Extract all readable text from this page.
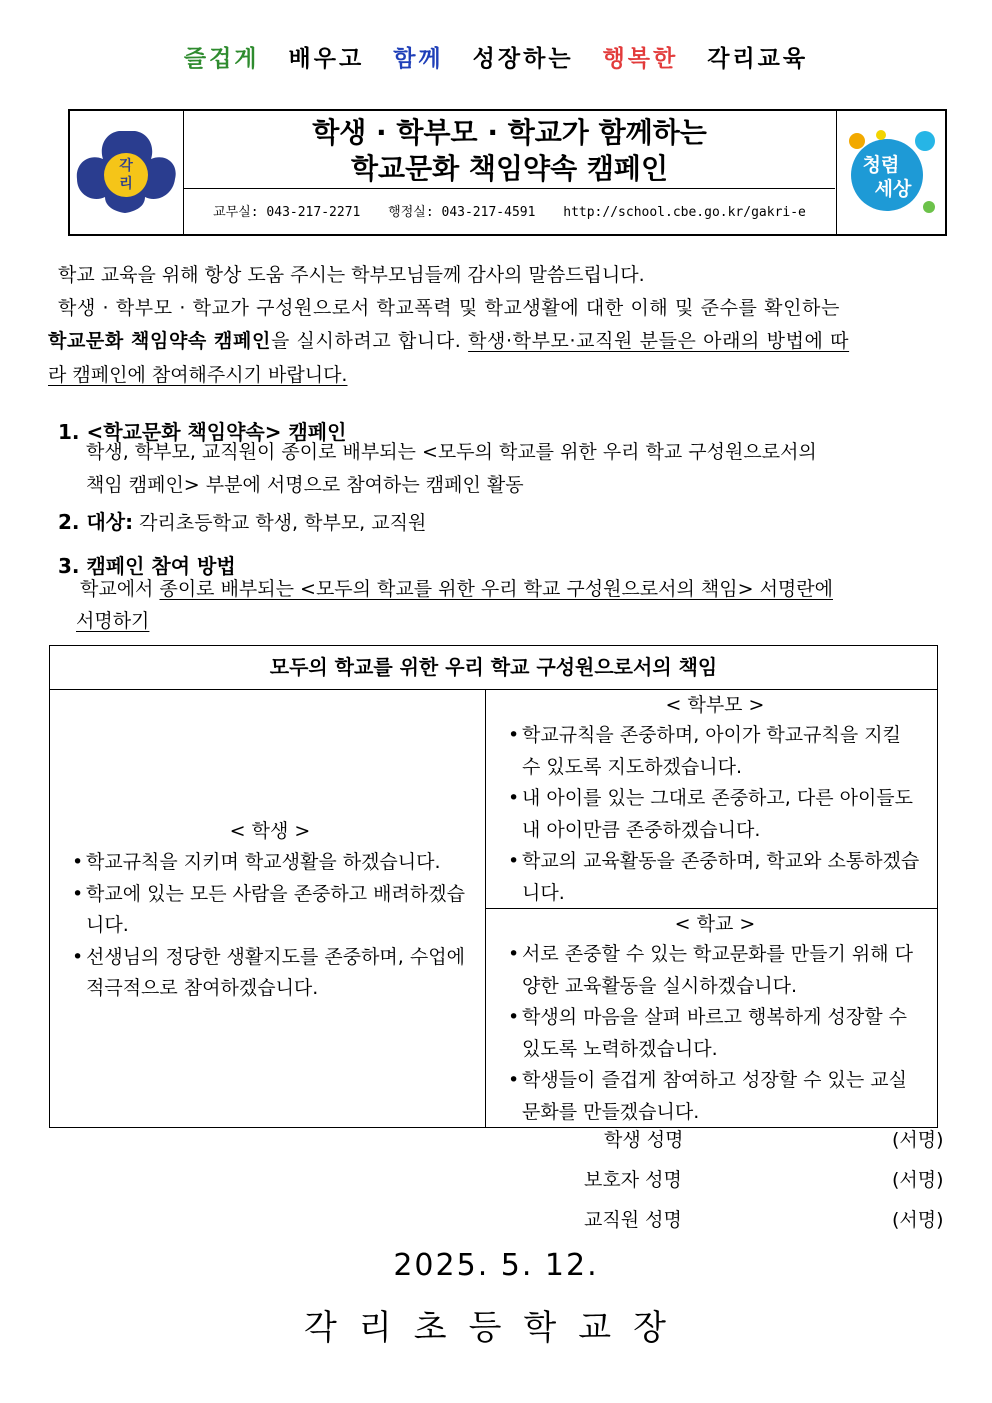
즐겁게 배우고 함께 성장하는 행복한 각리교육
각
리
학생 · 학부모 · 학교가 함께하는
학교문화 책임약속 캠페인
교무실: 043-217-2271 행정실: 043-217-4591 http://school.cbe.go.kr/gakri-e
청렴
세상
학교 교육을 위해 항상 도움 주시는 학부모님들께 감사의 말씀드립니다.
학생 · 학부모 · 학교가 구성원으로서 학교폭력 및 학교생활에 대한 이해 및 준수를 확인하는
학교문화 책임약속 캠페인을 실시하려고 합니다. 학생·학부모·교직원 분들은 아래의 방법에 따
라 캠페인에 참여해주시기 바랍니다.
1. <학교문화 책임약속> 캠페인
학생, 학부모, 교직원이 종이로 배부되는 <모두의 학교를 위한 우리 학교 구성원으로서의
책임 캠페인> 부분에 서명으로 참여하는 캠페인 활동
2. 대상: 각리초등학교 학생, 학부모, 교직원
3. 캠페인 참여 방법
학교에서 종이로 배부되는 <모두의 학교를 위한 우리 학교 구성원으로서의 책임> 서명란에
서명하기
모두의 학교를 위한 우리 학교 구성원으로서의 책임
< 학생 >
• 학교규칙을 지키며 학교생활을 하겠습니다.
• 학교에 있는 모든 사람을 존중하고 배려하겠습니다.
• 선생님의 정당한 생활지도를 존중하며, 수업에 적극적으로 참여하겠습니다.
< 학부모 >
• 학교규칙을 존중하며, 아이가 학교규칙을 지킬 수 있도록 지도하겠습니다.
• 내 아이를 있는 그대로 존중하고, 다른 아이들도 내 아이만큼 존중하겠습니다.
• 학교의 교육활동을 존중하며, 학교와 소통하겠습니다.
< 학교 >
• 서로 존중할 수 있는 학교문화를 만들기 위해 다양한 교육활동을 실시하겠습니다.
• 학생의 마음을 살펴 바르고 행복하게 성장할 수 있도록 노력하겠습니다.
• 학생들이 즐겁게 참여하고 성장할 수 있는 교실문화를 만들겠습니다.
학생 성명	(서명)
보호자 성명	(서명)
교직원 성명	(서명)
2025. 5. 12.
각리초등학교장
